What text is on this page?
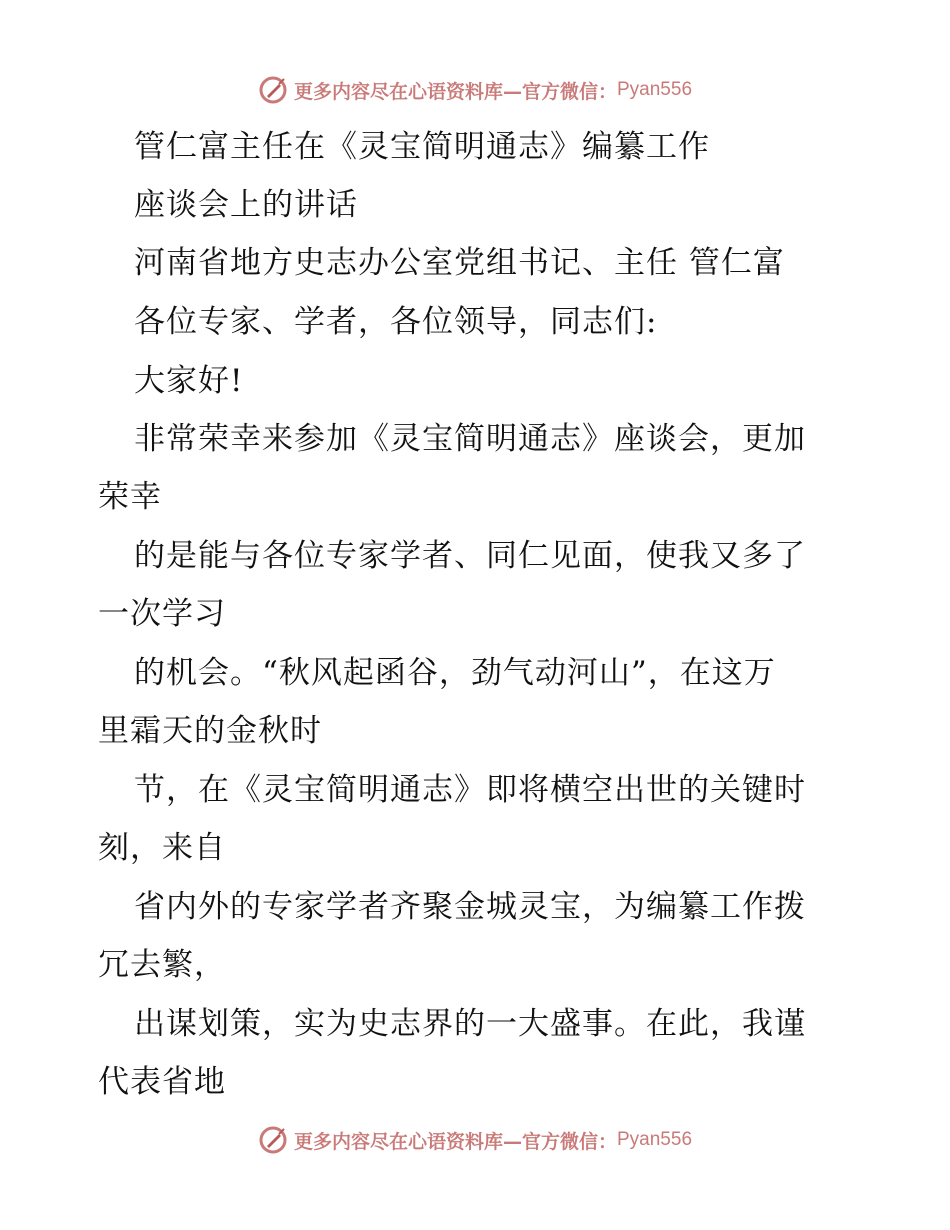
更多内容尽在心语资料库—官方微信： Pyan556
管仁富主任在《灵宝简明通志》编纂工作
座谈会上的讲话
河南省地方史志办公室党组书记、主任 管仁富
各位专家、学者，各位领导，同志们:
大家好!
非常荣幸来参加《灵宝简明通志》座谈会，更加
荣幸
的是能与各位专家学者、同仁见面，使我又多了
一次学习
的机会。“秋风起函谷，劲气动河山”，在这万
里霜天的金秋时
节，在《灵宝简明通志》即将横空出世的关键时
刻，来自
省内外的专家学者齐聚金城灵宝，为编纂工作拨
冗去繁，
出谋划策，实为史志界的一大盛事。在此，我谨
代表省地
更多内容尽在心语资料库—官方微信： Pyan556
